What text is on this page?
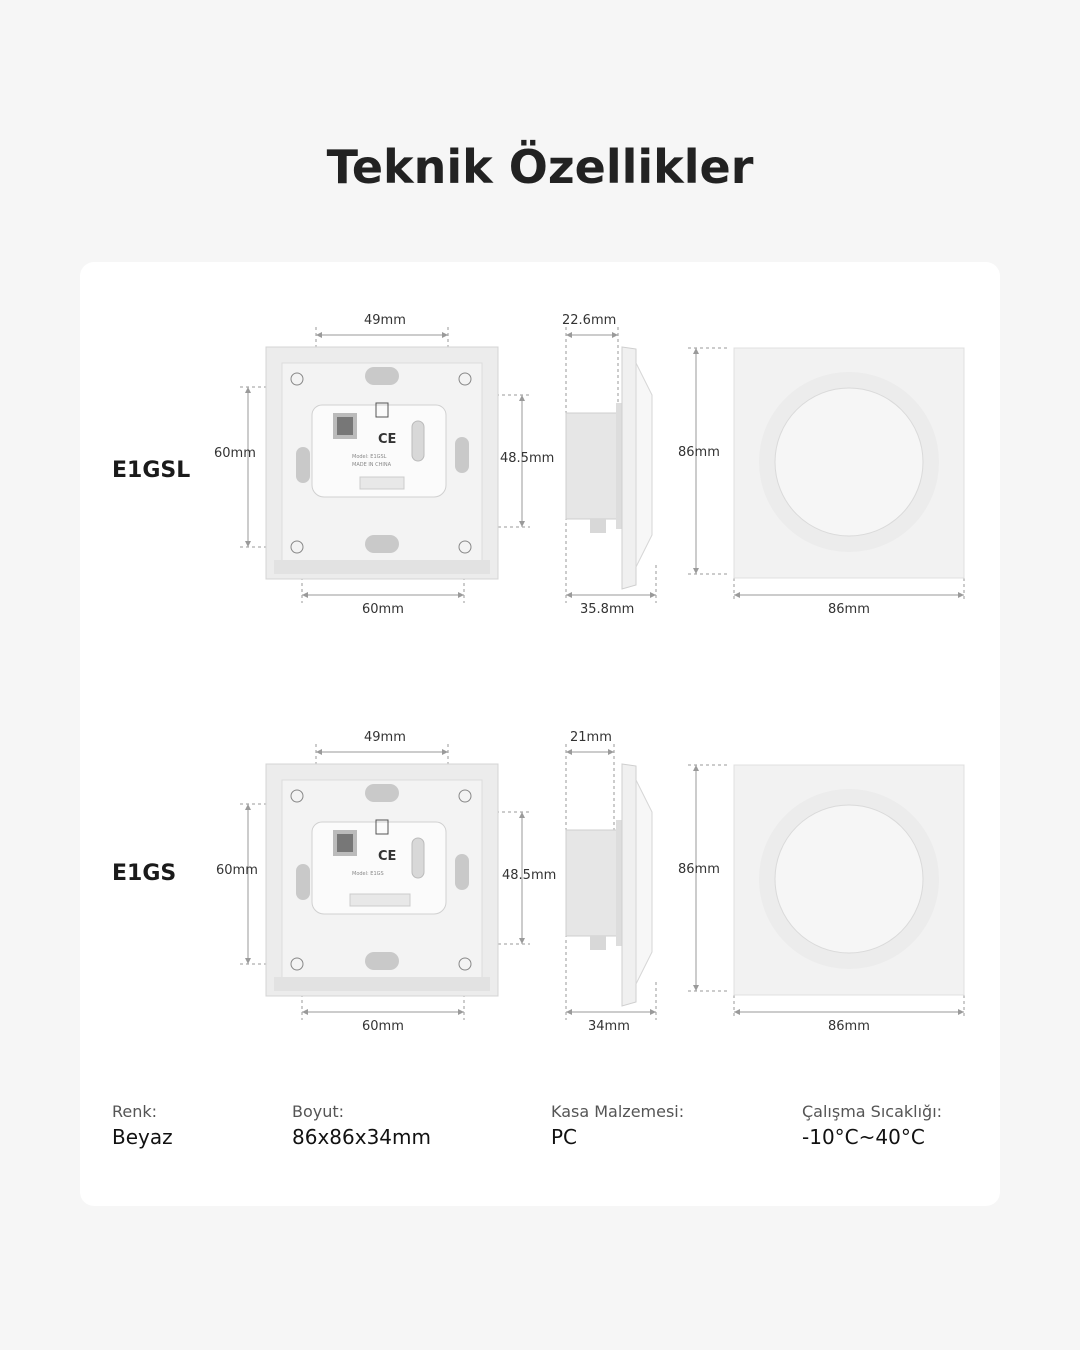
Teknik Özellikler
E1GSL
CE
Model: E1GSL
MADE IN CHINA
60mm
49mm
48.5mm
60mm
22.6mm
35.8mm
86mm
86mm
E1GS
CE
Model: E1GS
60mm
49mm
48.5mm
60mm
21mm
34mm
86mm
86mm
Renk:
Beyaz
Boyut:
86x86x34mm
Kasa Malzemesi:
PC
Çalışma Sıcaklığı:
-10°C~40°C
